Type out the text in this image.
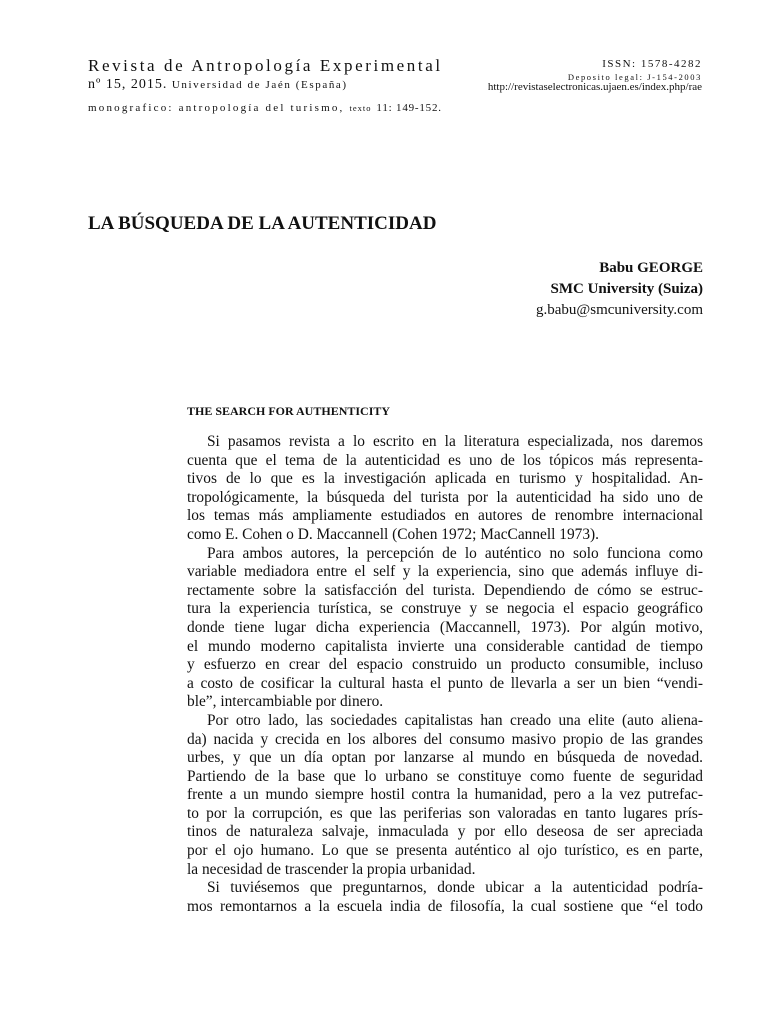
Revista de Antropología Experimental
nº 15, 2015. Universidad de Jaén (España)
monografico: antropología del turismo, texto 11: 149-152.
ISSN: 1578-4282
Deposito legal: J-154-2003
http://revistaselectronicas.ujaen.es/index.php/rae
LA BÚSQUEDA DE LA AUTENTICIDAD
Babu GEORGE
SMC University (Suiza)
g.babu@smcuniversity.com
THE SEARCH FOR AUTHENTICITY
Si pasamos revista a lo escrito en la literatura especializada, nos daremos
cuenta que el tema de la autenticidad es uno de los tópicos más representa-
tivos de lo que es la investigación aplicada en turismo y hospitalidad. An-
tropológicamente, la búsqueda del turista por la autenticidad ha sido uno de
los temas más ampliamente estudiados en autores de renombre internacional
como E. Cohen o D. Maccannell (Cohen 1972; MacCannell 1973).
Para ambos autores, la percepción de lo auténtico no solo funciona como
variable mediadora entre el self y la experiencia, sino que además influye di-
rectamente sobre la satisfacción del turista. Dependiendo de cómo se estruc-
tura la experiencia turística, se construye y se negocia el espacio geográfico
donde tiene lugar dicha experiencia (Maccannell, 1973). Por algún motivo,
el mundo moderno capitalista invierte una considerable cantidad de tiempo
y esfuerzo en crear del espacio construido un producto consumible, incluso
a costo de cosificar la cultural hasta el punto de llevarla a ser un bien “vendi-
ble”, intercambiable por dinero.
Por otro lado, las sociedades capitalistas han creado una elite (auto aliena-
da) nacida y crecida en los albores del consumo masivo propio de las grandes
urbes, y que un día optan por lanzarse al mundo en búsqueda de novedad.
Partiendo de la base que lo urbano se constituye como fuente de seguridad
frente a un mundo siempre hostil contra la humanidad, pero a la vez putrefac-
to por la corrupción, es que las periferias son valoradas en tanto lugares prís-
tinos de naturaleza salvaje, inmaculada y por ello deseosa de ser apreciada
por el ojo humano. Lo que se presenta auténtico al ojo turístico, es en parte,
la necesidad de trascender la propia urbanidad.
Si tuviésemos que preguntarnos, donde ubicar a la autenticidad podría-
mos remontarnos a la escuela india de filosofía, la cual sostiene que “el todo
